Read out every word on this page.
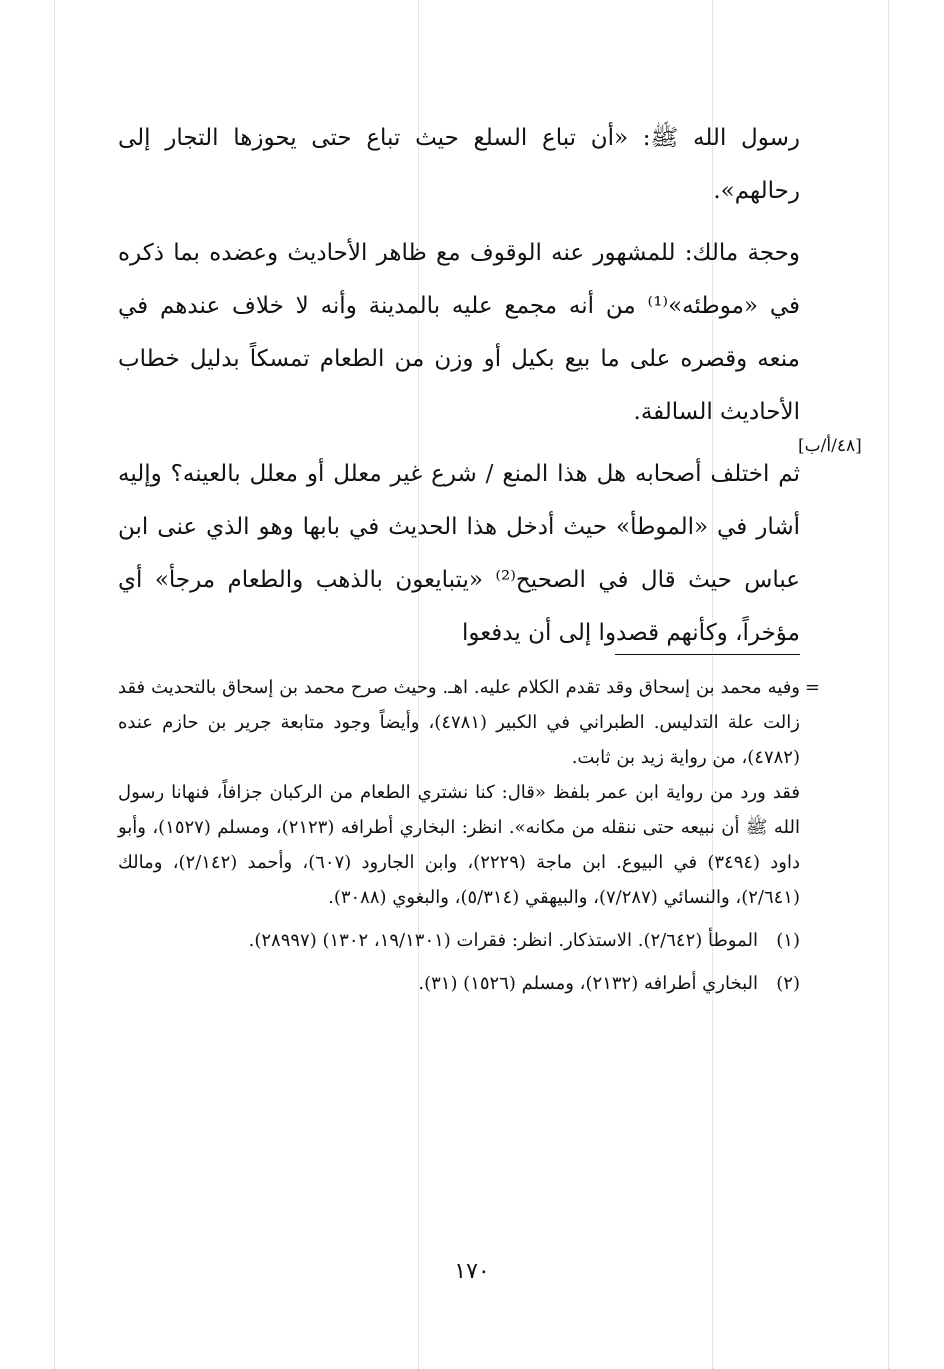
رسول الله ﷺ: «أن تباع السلع حيث تباع حتى يحوزها التجار إلى رحالهم».

وحجة مالك: للمشهور عنه الوقوف مع ظاهر الأحاديث وعضده بما ذكره في «موطئه»⁽¹⁾ من أنه مجمع عليه بالمدينة وأنه لا خلاف عندهم في منعه وقصره على ما بيع بكيل أو وزن من الطعام تمسكاً بدليل خطاب الأحاديث السالفة.

ثم اختلف أصحابه هل هذا المنع / شرع غير معلل أو معلل بالعينه؟ وإليه أشار في «الموطأ» حيث أدخل هذا الحديث في بابها وهو الذي عنى ابن عباس حيث قال في الصحيح⁽²⁾ «يتبايعون بالذهب والطعام مرجأ» أي مؤخراً، وكأنهم قصدوا إلى أن يدفعوا

[٤٨/أ/ب]
=

وفيه محمد بن إسحاق وقد تقدم الكلام عليه. اهـ. وحيث صرح محمد بن إسحاق بالتحديث فقد زالت علة التدليس. الطبراني في الكبير (٤٧٨١)، وأيضاً وجود متابعة جرير بن حازم عنده (٤٧٨٢)، من رواية زيد بن ثابت.

فقد ورد من رواية ابن عمر بلفظ «قال: كنا نشتري الطعام من الركبان جزافاً، فنهانا رسول الله ﷺ أن نبيعه حتى ننقله من مكانه». انظر: البخاري أطرافه (٢١٢٣)، ومسلم (١٥٢٧)، وأبو داود (٣٤٩٤) في البيوع. ابن ماجة (٢٢٢٩)، وابن الجارود (٦٠٧)، وأحمد (٢/١٤٢)، ومالك (٢/٦٤١)، والنسائي (٧/٢٨٧)، والبيهقي (٥/٣١٤)، والبغوي (٣٠٨٨).

(١)
الموطأ (٢/٦٤٢). الاستذكار. انظر: فقرات (١٩/١٣٠١، ١٣٠٢) (٢٨٩٩٧).
(٢)
البخاري أطرافه (٢١٣٢)، ومسلم (١٥٢٦) (٣١).
١٧٠
